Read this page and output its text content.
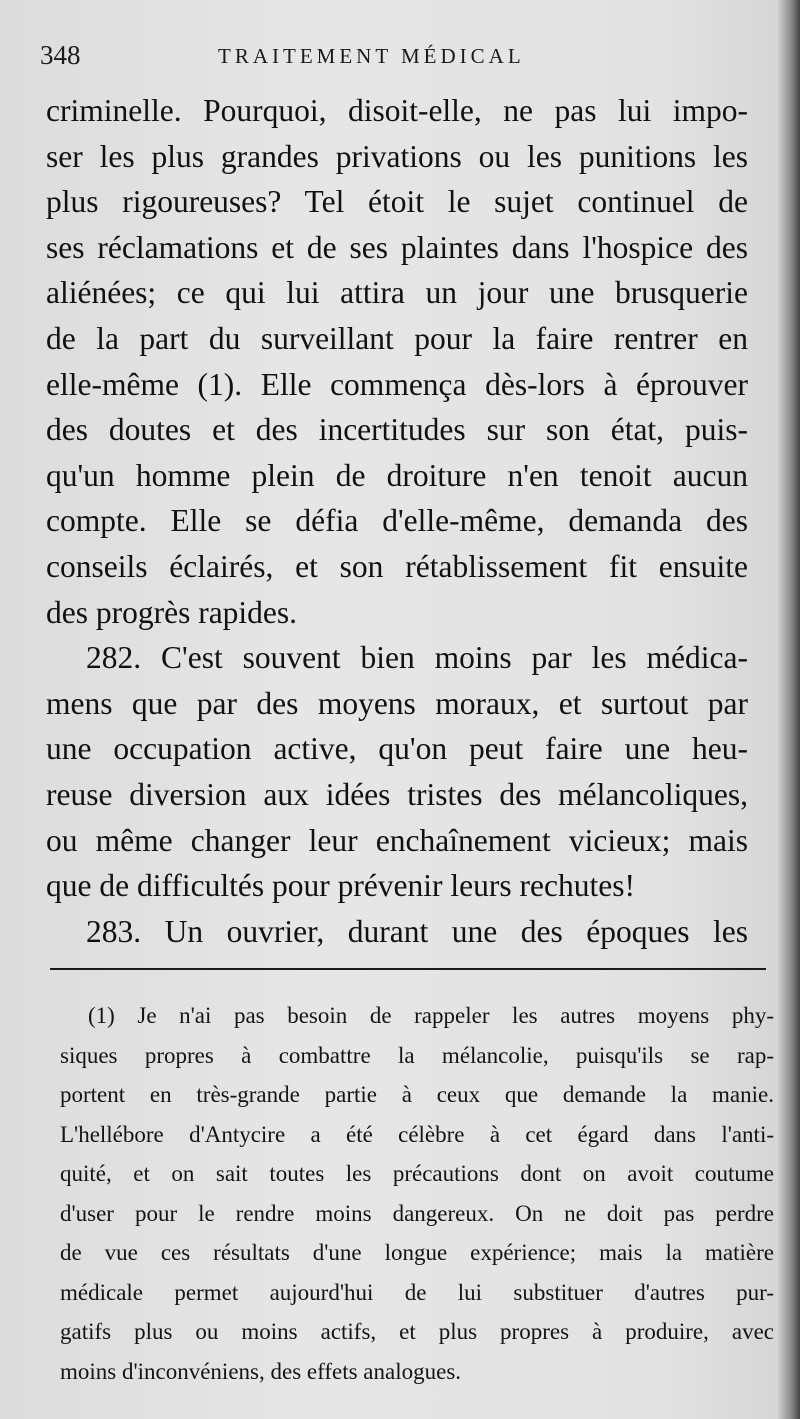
348	TRAITEMENT MÉDICAL
criminelle. Pourquoi, disoit-elle, ne pas lui impo-
ser les plus grandes privations ou les punitions les
plus rigoureuses? Tel étoit le sujet continuel de
ses réclamations et de ses plaintes dans l'hospice des
aliénées; ce qui lui attira un jour une brusquerie
de la part du surveillant pour la faire rentrer en
elle-même (1). Elle commença dès-lors à éprouver
des doutes et des incertitudes sur son état, puis-
qu'un homme plein de droiture n'en tenoit aucun
compte. Elle se défia d'elle-même, demanda des
conseils éclairés, et son rétablissement fit ensuite
des progrès rapides.
282. C'est souvent bien moins par les médica-
mens que par des moyens moraux, et surtout par
une occupation active, qu'on peut faire une heu-
reuse diversion aux idées tristes des mélancoliques,
ou même changer leur enchaînement vicieux; mais
que de difficultés pour prévenir leurs rechutes!
283. Un ouvrier, durant une des époques les
(1) Je n'ai pas besoin de rappeler les autres moyens phy-
siques propres à combattre la mélancolie, puisqu'ils se rap-
portent en très-grande partie à ceux que demande la manie.
L'hellébore d'Antycire a été célèbre à cet égard dans l'anti-
quité, et on sait toutes les précautions dont on avoit coutume
d'user pour le rendre moins dangereux. On ne doit pas perdre
de vue ces résultats d'une longue expérience; mais la matière
médicale permet aujourd'hui de lui substituer d'autres pur-
gatifs plus ou moins actifs, et plus propres à produire, avec
moins d'inconvéniens, des effets analogues.
